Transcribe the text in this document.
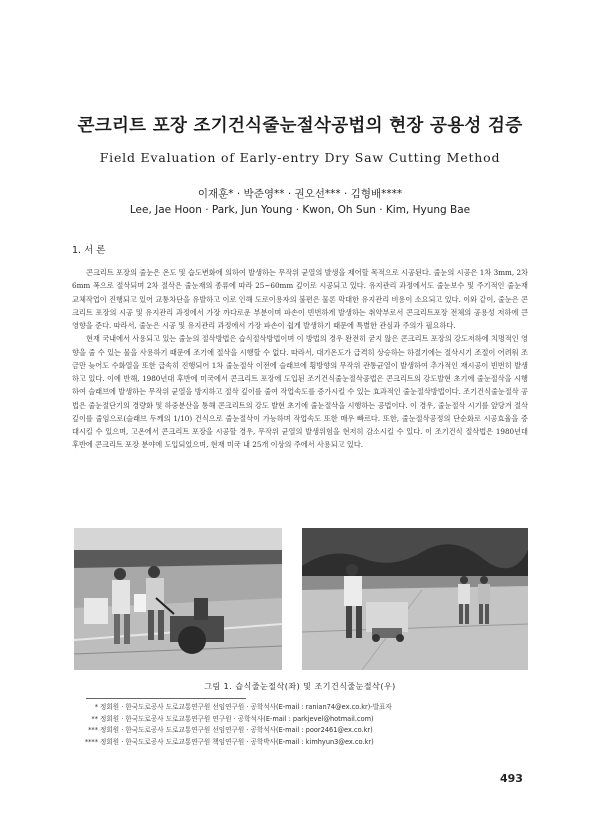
콘크리트 포장 조기건식줄눈절삭공법의 현장 공용성 검증
Field Evaluation of Early-entry Dry Saw Cutting Method
이재훈* · 박준영** · 권오선*** · 김형배****
Lee, Jae Hoon · Park, Jun Young · Kwon, Oh Sun · Kim, Hyung Bae
1. 서 론

콘크리트 포장의 줄눈은 온도 및 습도변화에 의하여 발생하는 무작위 균열의 발생을 제어할 목적으로 시공된다. 줄눈의 시공은 1차 3mm, 2차 6mm 폭으로 절삭되며 2차 절삭은 줄눈재의 종류에 따라 25~60mm 깊이로 시공되고 있다. 유지관리 과정에서도 줄눈보수 및 주기적인 줄눈재 교체작업이 진행되고 있어 교통차단을 유발하고 이로 인해 도로이용자의 불편은 물론 막대한 유지관리 비용이 소요되고 있다. 이와 같이, 줄눈은 콘크리트 포장의 시공 및 유지관리 과정에서 가장 까다로운 부분이며 파손이 빈번하게 발생하는 취약부로서 콘크리트포장 전체의 공용성 저하에 큰 영향을 준다. 따라서, 줄눈은 시공 및 유지관리 과정에서 가장 파손이 쉽게 발생하기 때문에 특별한 관심과 주의가 필요하다.

현재 국내에서 사용되고 있는 줄눈의 절삭방법은 습식절삭방법이며 이 방법의 경우 완전히 굳지 않은 콘크리트 포장의 강도저하에 치명적인 영향을 줄 수 있는 물을 사용하기 때문에 조기에 절삭을 시행할 수 없다. 따라서, 대기온도가 급격히 상승하는 하절기에는 절삭시기 조절이 어려워 조금만 늦어도 수화열을 또한 급속히 진행되어 1차 줄눈절삭 이전에 슬래브에 횡방향의 무작위 관통균열이 발생하여 추가적인 재시공이 빈번히 발생하고 있다. 이에 반해, 1980년대 후반에 미국에서 콘크리트 포장에 도입된 조기건식줄눈절삭공법은 콘크리트의 강도발현 초기에 줄눈절삭을 시행하여 슬래브에 발생하는 무작위 균열을 방지하고 절삭 깊이를 줄여 작업속도를 증가시킬 수 있는 효과적인 줄눈절삭방법이다. 조기건식줄눈절삭 공법은 줄눈절단기의 경량화 및 하중분산을 통해 콘크리트의 강도 발현 초기에 줄눈절삭을 시행하는 공법이다. 이 경우, 줄눈절삭 시기를 앞당겨 절삭깊이를 줄임으로(슬래브 두께의 1/10) 건식으로 줄눈절삭이 가능하며 작업속도 또한 매우 빠르다. 또한, 줄눈절삭공정의 단순화로 시공효율을 증대시킬 수 있으며, 고온에서 콘크리트 포장을 시공할 경우, 무작위 균열의 발생위험을 현저히 감소시킬 수 있다. 이 조기건식 절삭법은 1980년대 후반에 콘크리트 포장 분야에 도입되었으며, 현재 미국 내 25개 이상의 주에서 사용되고 있다.

그림 1. 습식줄눈절삭(좌) 및 조기건식줄눈절삭(우)
* 정회원 · 한국도로공사 도로교통연구원 선임연구원 · 공학석사(E-mail : ranian74@ex.co.kr)-발표자
** 정회원 · 한국도로공사 도로교통연구원 연구원 · 공학석사(E-mail : parkjevel@hotmail.com)
*** 정회원 · 한국도로공사 도로교통연구원 선임연구원 · 공학석사(E-mail : poor2461@ex.co.kr)
**** 정회원 · 한국도로공사 도로교통연구원 책임연구원 · 공학박사(E-mail : kimhyun3@ex.co.kr)
493
